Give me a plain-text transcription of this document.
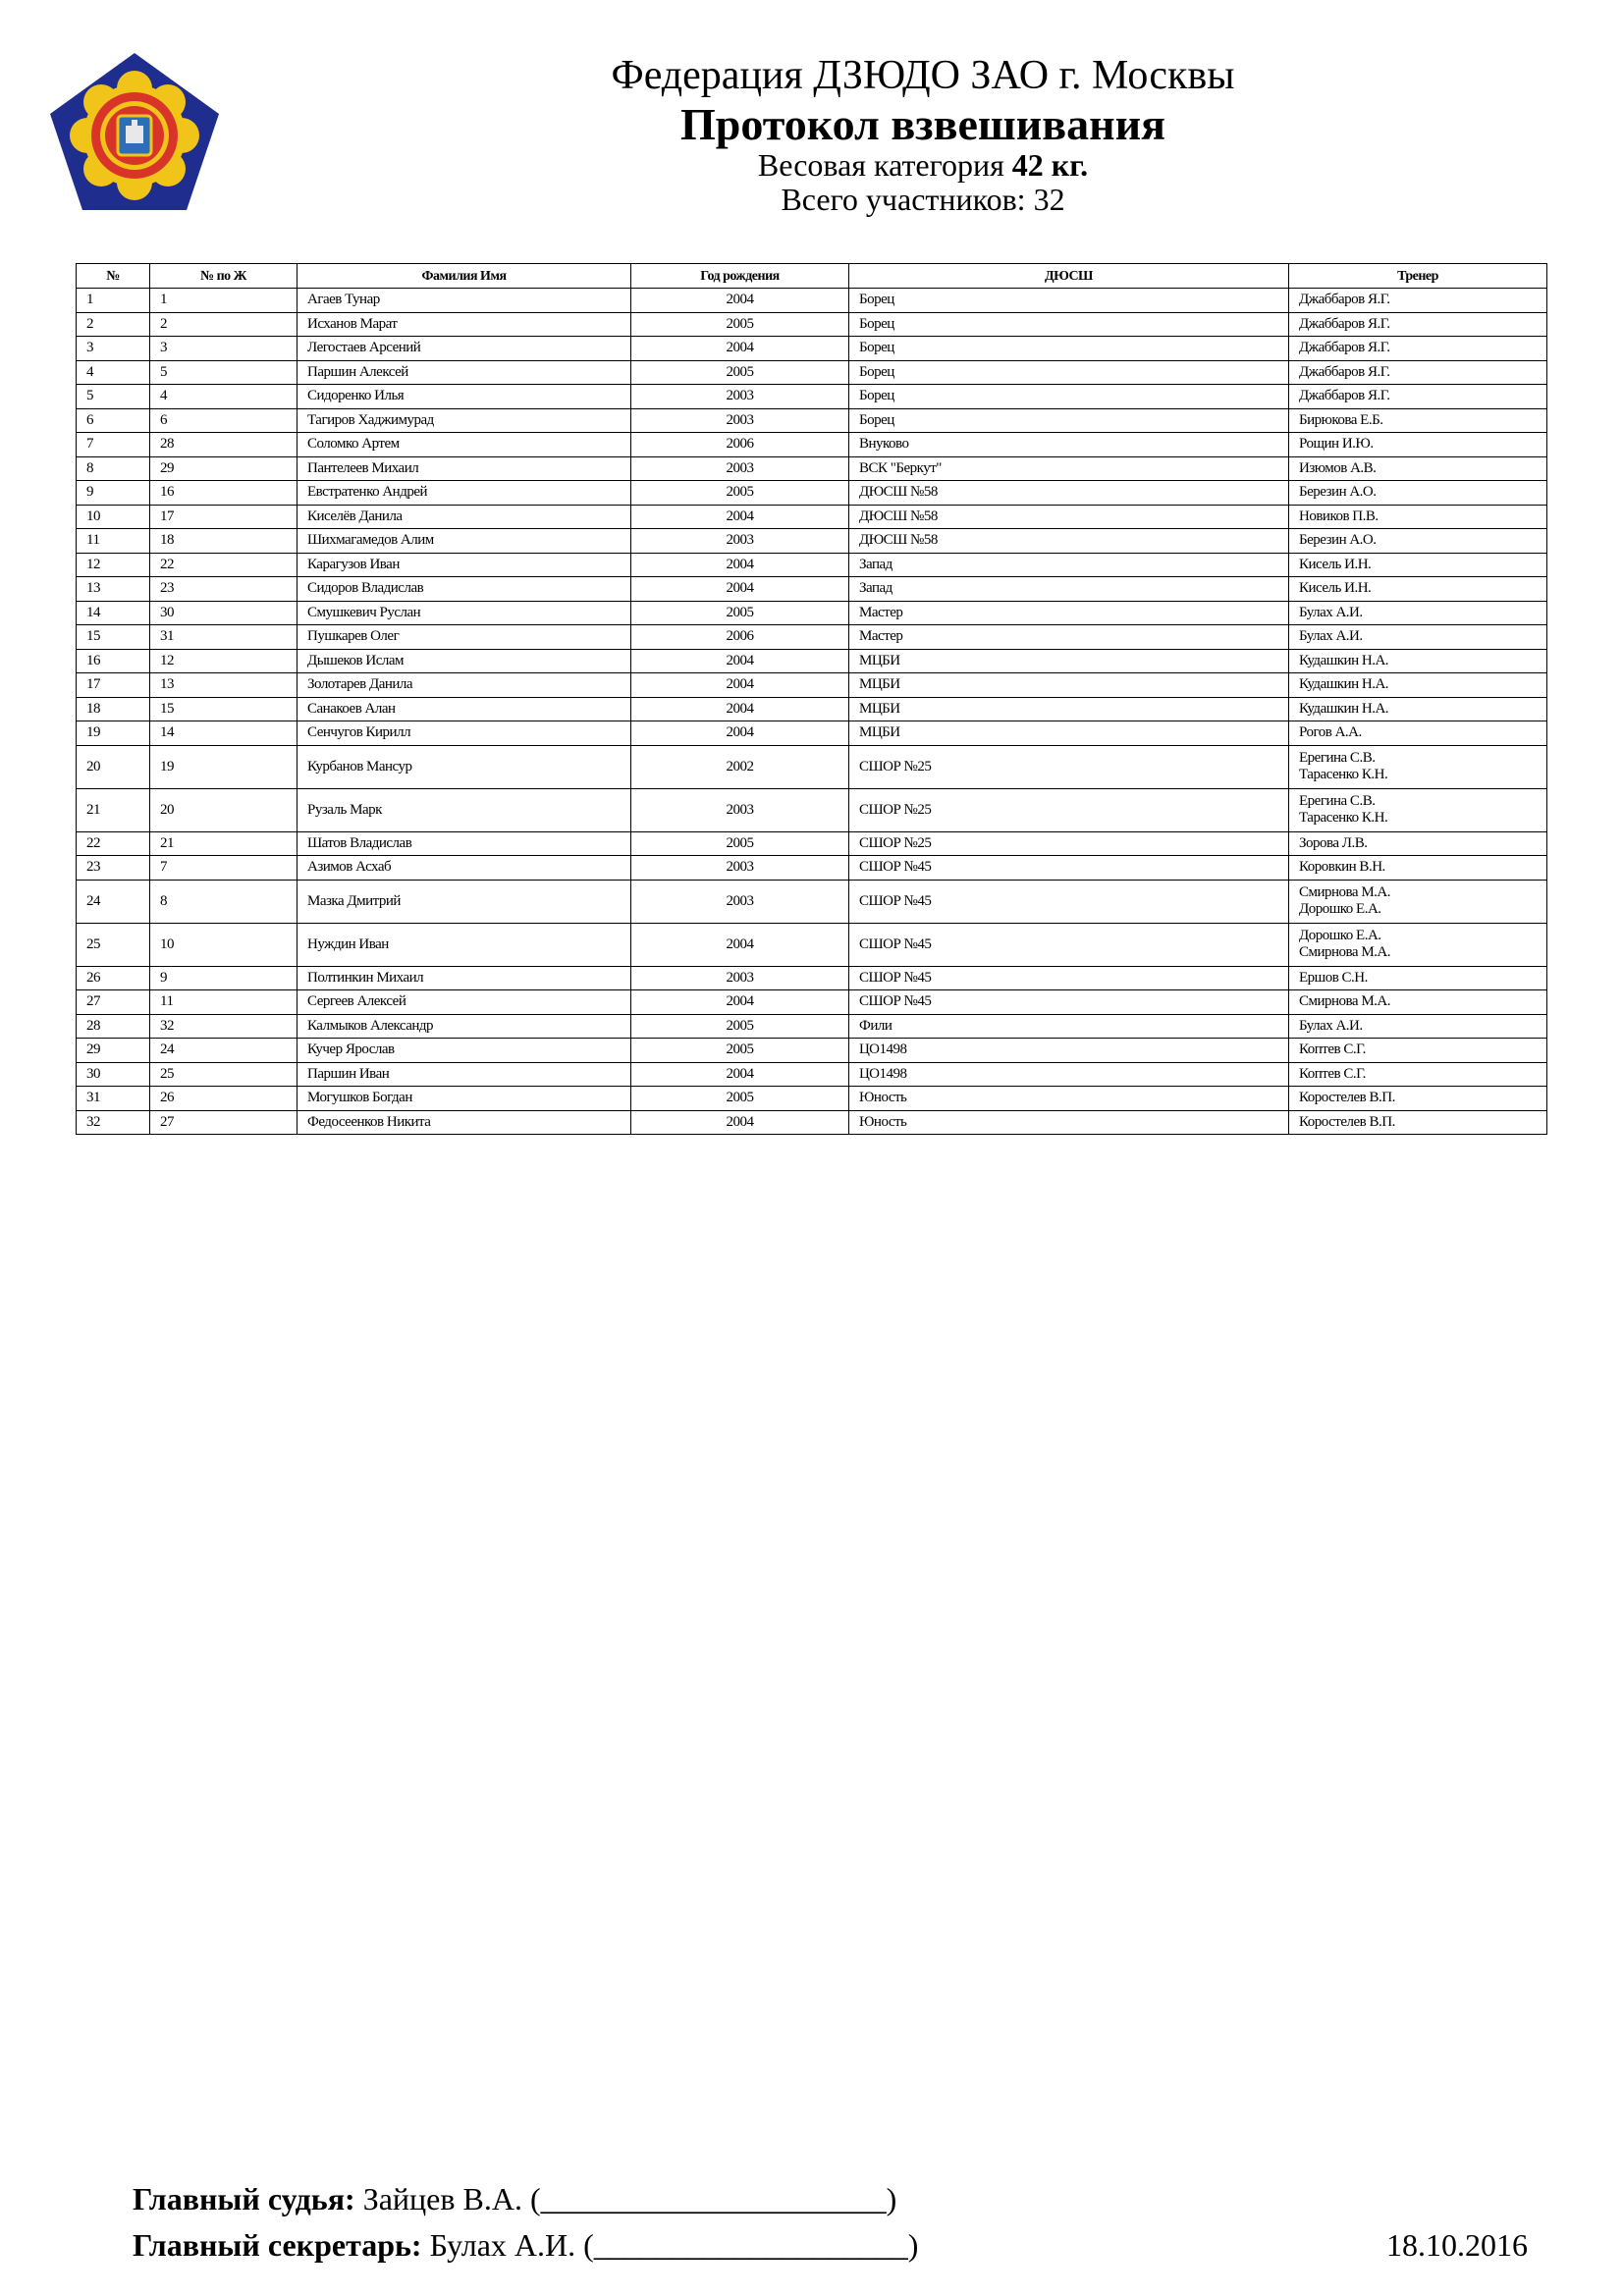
Федерация ДЗЮДО ЗАО г. Москвы
Протокол взвешивания
Весовая категория 42 кг.
Всего участников: 32
№	№ по Ж	Фамилия Имя	Год рождения	ДЮСШ	Тренер
1	1	Агаев Тунар	2004	Борец	Джаббаров Я.Г.
2	2	Исханов Марат	2005	Борец	Джаббаров Я.Г.
3	3	Легостаев Арсений	2004	Борец	Джаббаров Я.Г.
4	5	Паршин Алексей	2005	Борец	Джаббаров Я.Г.
5	4	Сидоренко Илья	2003	Борец	Джаббаров Я.Г.
6	6	Тагиров Хаджимурад	2003	Борец	Бирюкова Е.Б.
7	28	Соломко Артем	2006	Внуково	Рощин И.Ю.
8	29	Пантелеев Михаил	2003	ВСК "Беркут"	Изюмов А.В.
9	16	Евстратенко Андрей	2005	ДЮСШ №58	Березин А.О.
10	17	Киселёв Данила	2004	ДЮСШ №58	Новиков П.В.
11	18	Шихмагамедов Алим	2003	ДЮСШ №58	Березин А.О.
12	22	Карагузов Иван	2004	Запад	Кисель И.Н.
13	23	Сидоров Владислав	2004	Запад	Кисель И.Н.
14	30	Смушкевич Руслан	2005	Мастер	Булах А.И.
15	31	Пушкарев Олег	2006	Мастер	Булах А.И.
16	12	Дышеков Ислам	2004	МЦБИ	Кудашкин Н.А.
17	13	Золотарев Данила	2004	МЦБИ	Кудашкин Н.А.
18	15	Санакоев Алан	2004	МЦБИ	Кудашкин Н.А.
19	14	Сенчугов Кирилл	2004	МЦБИ	Рогов А.А.
20	19	Курбанов Мансур	2002	СШОР №25	Ерегина С.В.
Тарасенко К.Н.

21	20	Рузаль Марк	2003	СШОР №25	Ерегина С.В.
Тарасенко К.Н.

22	21	Шатов Владислав	2005	СШОР №25	Зорова Л.В.
23	7	Азимов Асхаб	2003	СШОР №45	Коровкин В.Н.
24	8	Мазка Дмитрий	2003	СШОР №45	Смирнова М.А.
Дорошко Е.А.

25	10	Нуждин Иван	2004	СШОР №45	Дорошко Е.А.
Смирнова М.А.

26	9	Полтинкин Михаил	2003	СШОР №45	Ершов С.Н.
27	11	Сергеев Алексей	2004	СШОР №45	Смирнова М.А.
28	32	Калмыков Александр	2005	Фили	Булах А.И.
29	24	Кучер Ярослав	2005	ЦО1498	Коптев С.Г.
30	25	Паршин Иван	2004	ЦО1498	Коптев С.Г.
31	26	Могушков Богдан	2005	Юность	Коростелев В.П.
32	27	Федосеенков Никита	2004	Юность	Коростелев В.П.
Главный судья: Зайцев В.А. (______________________)
Главный секретарь: Булах А.И. (____________________)	18.10.2016
